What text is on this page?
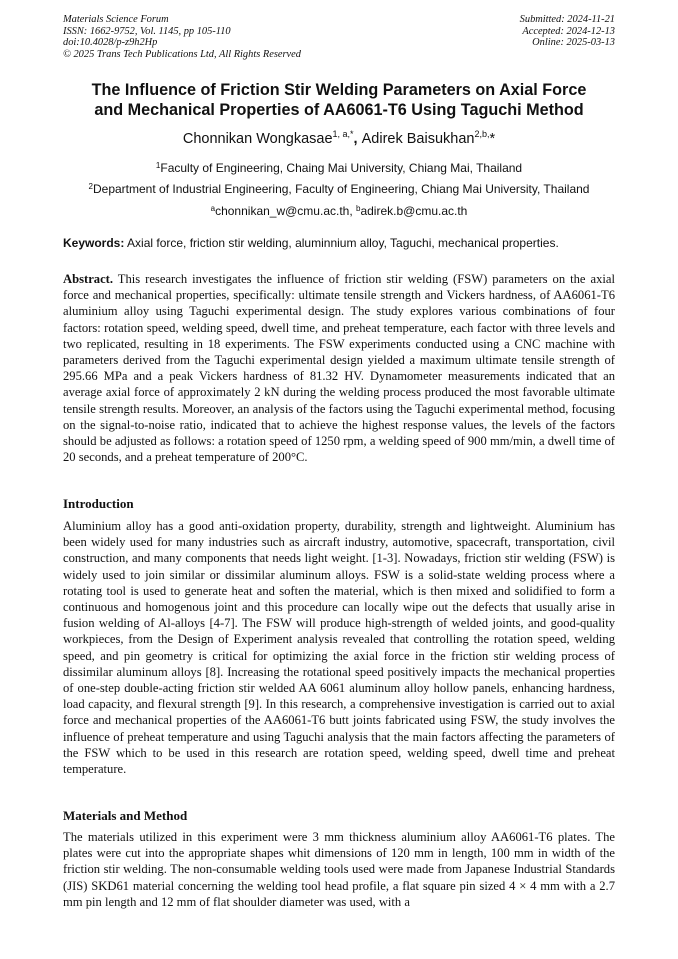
Materials Science Forum
ISSN: 1662-9752, Vol. 1145, pp 105-110
doi:10.4028/p-z9h2Hp
© 2025 Trans Tech Publications Ltd, All Rights Reserved
Submitted: 2024-11-21
Accepted: 2024-12-13
Online: 2025-03-13
The Influence of Friction Stir Welding Parameters on Axial Force
and Mechanical Properties of AA6061-T6 Using Taguchi Method
Chonnikan Wongkasae$^{1, a,*}$, Adirek Baisukhan$^{2,b,}$*
$^1$Faculty of Engineering, Chaing Mai University, Chiang Mai, Thailand
$^2$Department of Industrial Engineering, Faculty of Engineering, Chiang Mai University, Thailand
$^a$chonnikan_w@cmu.ac.th, $^b$adirek.b@cmu.ac.th
Keywords: Axial force, friction stir welding, aluminnium alloy, Taguchi, mechanical properties.
Abstract. This research investigates the influence of friction stir welding (FSW) parameters on the axial force and mechanical properties, specifically: ultimate tensile strength and Vickers hardness, of AA6061-T6 aluminium alloy using Taguchi experimental design. The study explores various combinations of four factors: rotation speed, welding speed, dwell time, and preheat temperature, each factor with three levels and two replicated, resulting in 18 experiments. The FSW experiments conducted using a CNC machine with parameters derived from the Taguchi experimental design yielded a maximum ultimate tensile strength of 295.66 MPa and a peak Vickers hardness of 81.32 HV. Dynamometer measurements indicated that an average axial force of approximately 2 kN during the welding process produced the most favorable ultimate tensile strength results. Moreover, an analysis of the factors using the Taguchi experimental method, focusing on the signal-to-noise ratio, indicated that to achieve the highest response values, the levels of the factors should be adjusted as follows: a rotation speed of 1250 rpm, a welding speed of 900 mm/min, a dwell time of 20 seconds, and a preheat temperature of 200°C.
Introduction
Aluminium alloy has a good anti-oxidation property, durability, strength and lightweight. Aluminium has been widely used for many industries such as aircraft industry, automotive, spacecraft, transportation, civil construction, and many components that needs light weight. [1-3]. Nowadays, friction stir welding (FSW) is widely used to join similar or dissimilar aluminum alloys. FSW is a solid-state welding process where a rotating tool is used to generate heat and soften the material, which is then mixed and solidified to form a continuous and homogenous joint and this procedure can locally wipe out the defects that usually arise in fusion welding of Al-alloys [4-7]. The FSW will produce high-strength of welded joints, and good-quality workpieces, from the Design of Experiment analysis revealed that controlling the rotation speed, welding speed, and pin geometry is critical for optimizing the axial force in the friction stir welding process of dissimilar aluminum alloys [8]. Increasing the rotational speed positively impacts the mechanical properties of one-step double-acting friction stir welded AA 6061 aluminum alloy hollow panels, enhancing hardness, load capacity, and flexural strength [9]. In this research, a comprehensive investigation is carried out to axial force and mechanical properties of the AA6061-T6 butt joints fabricated using FSW, the study involves the influence of preheat temperature and using Taguchi analysis that the main factors affecting the parameters of the FSW which to be used in this research are rotation speed, welding speed, dwell time and preheat temperature.
Materials and Method
The materials utilized in this experiment were 3 mm thickness aluminium alloy AA6061-T6 plates. The plates were cut into the appropriate shapes whit dimensions of 120 mm in length, 100 mm in width of the friction stir welding. The non-consumable welding tools used were made from Japanese Industrial Standards (JIS) SKD61 material concerning the welding tool head profile, a flat square pin sized 4 × 4 mm with a 2.7 mm pin length and 12 mm of flat shoulder diameter was used, with a
